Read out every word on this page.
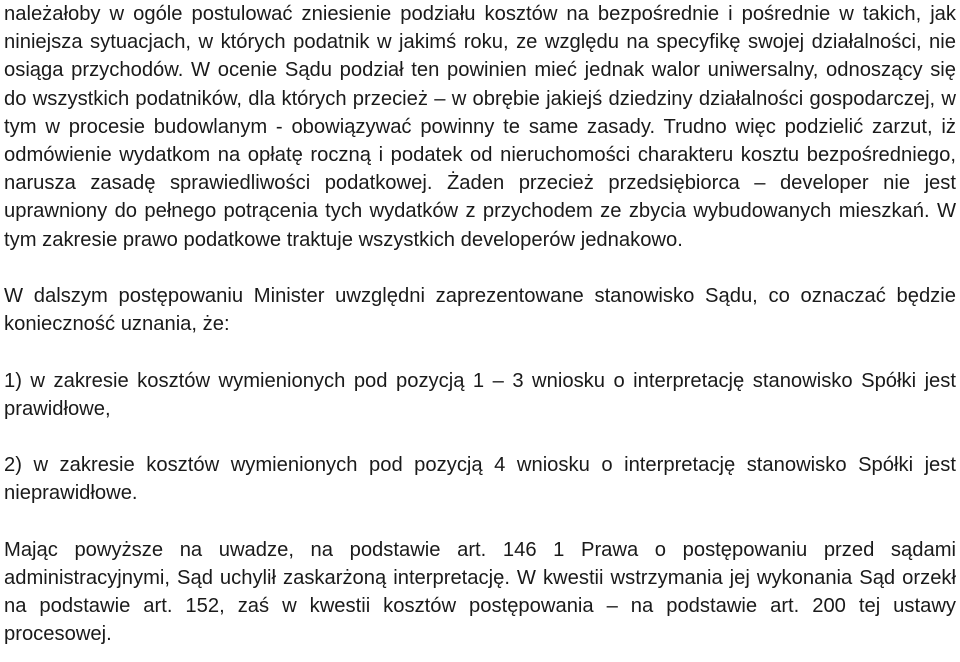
należałoby w ogóle postulować zniesienie podziału kosztów na bezpośrednie i pośrednie w takich, jak niniejsza sytuacjach, w których podatnik w jakimś roku, ze względu na specyfikę swojej działalności, nie osiąga przychodów. W ocenie Sądu podział ten powinien mieć jednak walor uniwersalny, odnoszący się do wszystkich podatników, dla których przecież – w obrębie jakiejś dziedziny działalności gospodarczej, w tym w procesie budowlanym - obowiązywać powinny te same zasady. Trudno więc podzielić zarzut, iż odmówienie wydatkom na opłatę roczną i podatek od nieruchomości charakteru kosztu bezpośredniego, narusza zasadę sprawiedliwości podatkowej. Żaden przecież przedsiębiorca – developer nie jest uprawniony do pełnego potrącenia tych wydatków z przychodem ze zbycia wybudowanych mieszkań. W tym zakresie prawo podatkowe traktuje wszystkich developerów jednakowo.

W dalszym postępowaniu Minister uwzględni zaprezentowane stanowisko Sądu, co oznaczać będzie konieczność uznania, że:

1) w zakresie kosztów wymienionych pod pozycją 1 – 3 wniosku o interpretację stanowisko Spółki jest prawidłowe,

2) w zakresie kosztów wymienionych pod pozycją 4 wniosku o interpretację stanowisko Spółki jest nieprawidłowe.

Mając powyższe na uwadze, na podstawie art. 146 1 Prawa o postępowaniu przed sądami administracyjnymi, Sąd uchylił zaskarżoną interpretację. W kwestii wstrzymania jej wykonania Sąd orzekł na podstawie art. 152, zaś w kwestii kosztów postępowania – na podstawie art. 200 tej ustawy procesowej.
